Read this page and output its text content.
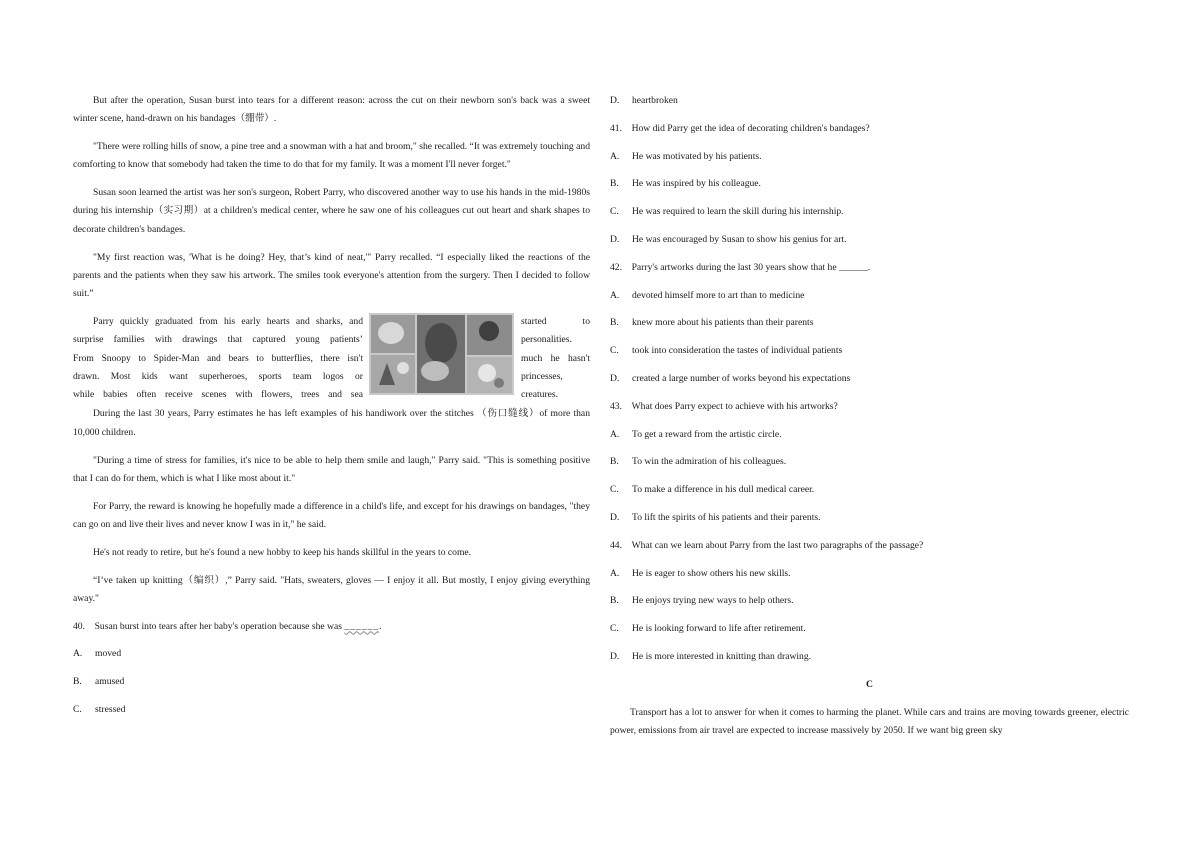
But after the operation, Susan burst into tears for a different reason: across the cut on their newborn son's back was a sweet winter scene, hand-drawn on his bandages（绷带）.

"There were rolling hills of snow, a pine tree and a snowman with a hat and broom," she recalled. “It was extremely touching and comforting to know that somebody had taken the time to do that for my family. It was a moment I'll never forget."

Susan soon learned the artist was her son's surgeon, Robert Parry, who discovered another way to use his hands in the mid-1980s during his internship（实习期）at a children's medical center, where he saw one of his colleagues cut out heart and shark shapes to decorate children's bandages.

"My first reaction was, 'What is he doing? Hey, that’s kind of neat,'" Parry recalled. “I especially liked the reactions of the parents and the patients when they saw his artwork. The smiles took everyone's attention from the surgery. Then I decided to follow suit.”

Parry quickly graduated from his early hearts and sharks, and

surprise families with drawings that captured young patients’

From Snoopy to Spider-Man and bears to butterflies, there isn't

drawn. Most kids want superheroes, sports team logos or

while babies often receive scenes with flowers, trees and sea

started to

personalities.

much he hasn't

princesses,

creatures.

During the last 30 years, Parry estimates he has left examples of his handiwork over the stitches （伤口缝线）of more than 10,000 children.

"During a time of stress for families, it's nice to be able to help them smile and laugh," Parry said. "This is something positive that I can do for them, which is what I like most about it."

For Parry, the reward is knowing he hopefully made a difference in a child's life, and except for his drawings on bandages, "they can go on and live their lives and never know I was in it," he said.

He's not ready to retire, but he's found a new hobby to keep his hands skillful in the years to come.

“I’ve taken up knitting（编织）,” Parry said. "Hats, sweaters, gloves — I enjoy it all. But mostly, I enjoy giving everything away."

40.　Susan burst into tears after her baby's operation because she was ______.

A. moved

B. amused

C. stressed

D. heartbroken

41.　How did Parry get the idea of decorating children's bandages?

A. He was motivated by his patients.

B. He was inspired by his colleague.

C. He was required to learn the skill during his internship.

D. He was encouraged by Susan to show his genius for art.

42.　Parry's artworks during the last 30 years show that he ______.

A. devoted himself more to art than to medicine

B. knew more about his patients than their parents

C. took into consideration the tastes of individual patients

D. created a large number of works beyond his expectations

43.　What does Parry expect to achieve with his artworks?

A. To get a reward from the artistic circle.

B. To win the admiration of his colleagues.

C. To make a difference in his dull medical career.

D. To lift the spirits of his patients and their parents.

44.　What can we learn about Parry from the last two paragraphs of the passage?

A. He is eager to show others his new skills.

B. He enjoys trying new ways to help others.

C. He is looking forward to life after retirement.

D. He is more interested in knitting than drawing.

C

Transport has a lot to answer for when it comes to harming the planet. While cars and trains are moving towards greener, electric power, emissions from air travel are expected to increase massively by 2050. If we want big green sky
